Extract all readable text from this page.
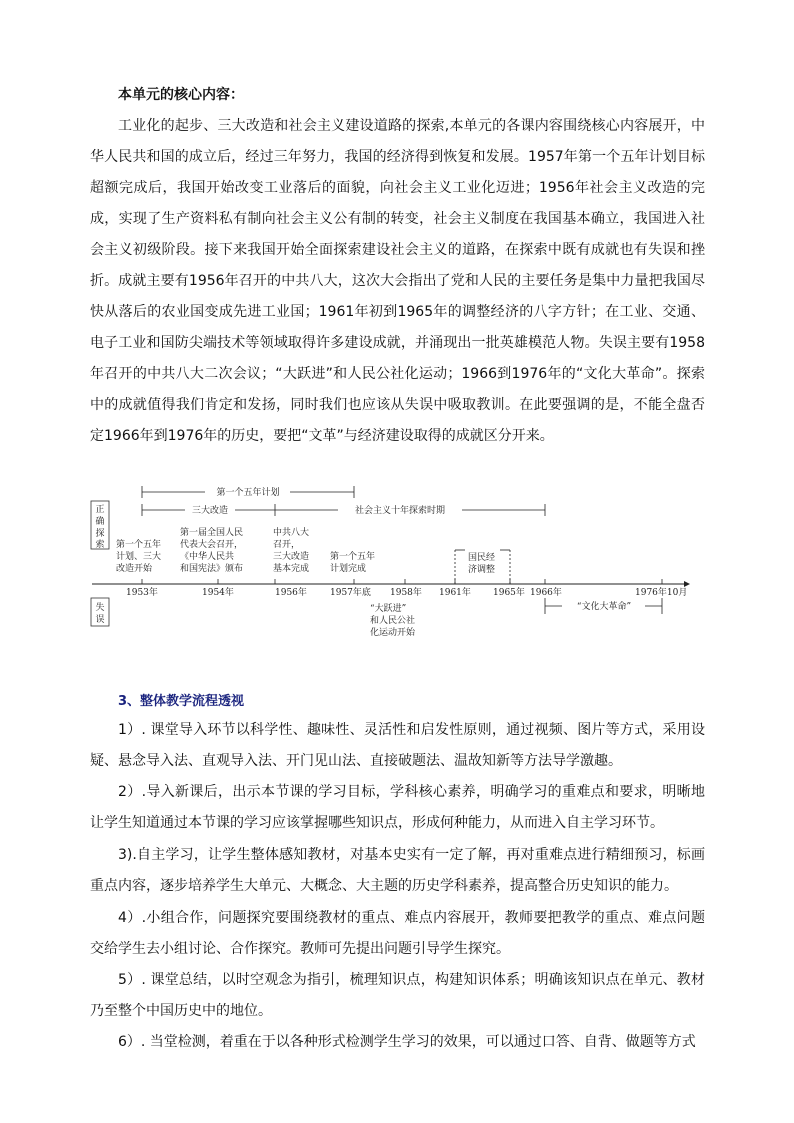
本单元的核心内容：

工业化的起步、三大改造和社会主义建设道路的探索,本单元的各课内容围绕核心内容展开，中华人民共和国的成立后，经过三年努力，我国的经济得到恢复和发展。1957年第一个五年计划目标超额完成后，我国开始改变工业落后的面貌，向社会主义工业化迈进；1956年社会主义改造的完成，实现了生产资料私有制向社会主义公有制的转变，社会主义制度在我国基本确立，我国进入社会主义初级阶段。接下来我国开始全面探索建设社会主义的道路，在探索中既有成就也有失误和挫折。成就主要有1956年召开的中共八大，这次大会指出了党和人民的主要任务是集中力量把我国尽快从落后的农业国变成先进工业国；1961年初到1965年的调整经济的八字方针；在工业、交通、电子工业和国防尖端技术等领域取得许多建设成就，并涌现出一批英雄模范人物。失误主要有1958年召开的中共八大二次会议；“大跃进”和人民公社化运动；1966到1976年的“文化大革命”。探索中的成就值得我们肯定和发扬，同时我们也应该从失误中吸取教训。在此要强调的是，不能全盘否定1966年到1976年的历史，要把“文革”与经济建设取得的成就区分开来。

正
确
探
索
失
误
第一个五年计划
三大改造	社会主义十年探索时期
第一个五年 计划、三大 改造开始
第一届全国人民 代表大会召开， 《中华人民共 和国宪法》颁布
中共八大 召开， 三大改造 基本完成
第一个五年 计划完成
国民经 济调整
1953年	1954年	1956年	1957年底 1958年 1961年 1965年 1966年	1976年10月
“大跃进” 和人民公社 化运动开始
“文化大革命”
3、整体教学流程透视

1）. 课堂导入环节以科学性、趣味性、灵活性和启发性原则，通过视频、图片等方式，采用设疑、悬念导入法、直观导入法、开门见山法、直接破题法、温故知新等方法导学激趣。

2）.导入新课后，出示本节课的学习目标，学科核心素养，明确学习的重难点和要求，明晰地让学生知道通过本节课的学习应该掌握哪些知识点，形成何种能力，从而进入自主学习环节。

3).自主学习，让学生整体感知教材，对基本史实有一定了解，再对重难点进行精细预习，标画重点内容，逐步培养学生大单元、大概念、大主题的历史学科素养，提高整合历史知识的能力。

4）.小组合作，问题探究要围绕教材的重点、难点内容展开，教师要把教学的重点、难点问题交给学生去小组讨论、合作探究。教师可先提出问题引导学生探究。

5）. 课堂总结，以时空观念为指引，梳理知识点，构建知识体系；明确该知识点在单元、教材乃至整个中国历史中的地位。

6）. 当堂检测，着重在于以各种形式检测学生学习的效果，可以通过口答、自背、做题等方式
